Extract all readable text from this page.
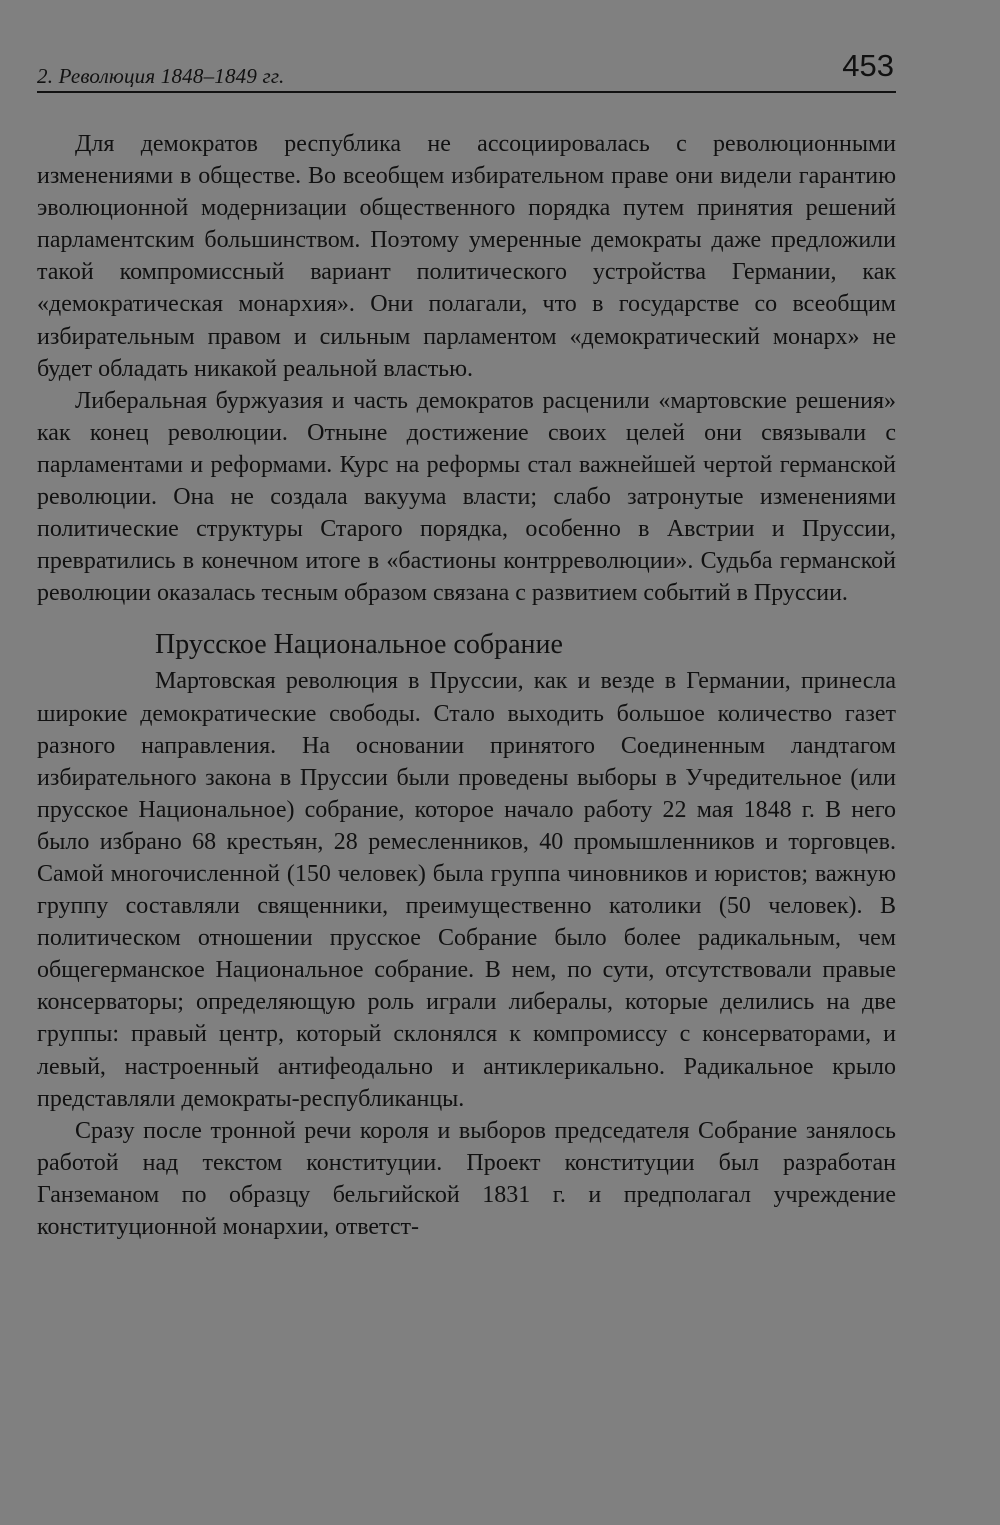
2. Революция 1848–1849 гг.	453

Для демократов республика не ассоциировалась с революционными изменениями в обществе. Во всеобщем избирательном праве они видели гарантию эволюционной модернизации общественного порядка путем принятия решений парламентским большинством. Поэтому умеренные демократы даже предложили такой компромиссный вариант политического устройства Германии, как «демократическая монархия». Они полагали, что в государстве со всеобщим избирательным правом и сильным парламентом «демократический монарх» не будет обладать никакой реальной властью.

Либеральная буржуазия и часть демократов расценили «мартовские решения» как конец революции. Отныне достижение своих целей они связывали с парламентами и реформами. Курс на реформы стал важнейшей чертой германской революции. Она не создала вакуума власти; слабо затронутые изменениями политические структуры Старого порядка, особенно в Австрии и Пруссии, превратились в конечном итоге в «бастионы контрреволюции». Судьба германской революции оказалась тесным образом связана с развитием событий в Пруссии.

Прусское Национальное собрание

Мартовская революция в Пруссии, как и везде в Германии, принесла широкие демократические свободы. Стало выходить большое количество газет разного направления. На основании принятого Соединенным ландтагом избирательного закона в Пруссии были проведены выборы в Учредительное (или прусское Национальное) собрание, которое начало работу 22 мая 1848 г. В него было избрано 68 крестьян, 28 ремесленников, 40 промышленников и торговцев. Самой многочисленной (150 человек) была группа чиновников и юристов; важную группу составляли священники, преимущественно католики (50 человек). В политическом отношении прусское Собрание было более радикальным, чем общегерманское Национальное собрание. В нем, по сути, отсутствовали правые консерваторы; определяющую роль играли либералы, которые делились на две группы: правый центр, который склонялся к компромиссу с консерваторами, и левый, настроенный антифеодально и антиклерикально. Радикальное крыло представляли демократы-республиканцы.

Сразу после тронной речи короля и выборов председателя Собрание занялось работой над текстом конституции. Проект конституции был разработан Ганземаном по образцу бельгийской 1831 г. и предполагал учреждение конституционной монархии, ответст-
